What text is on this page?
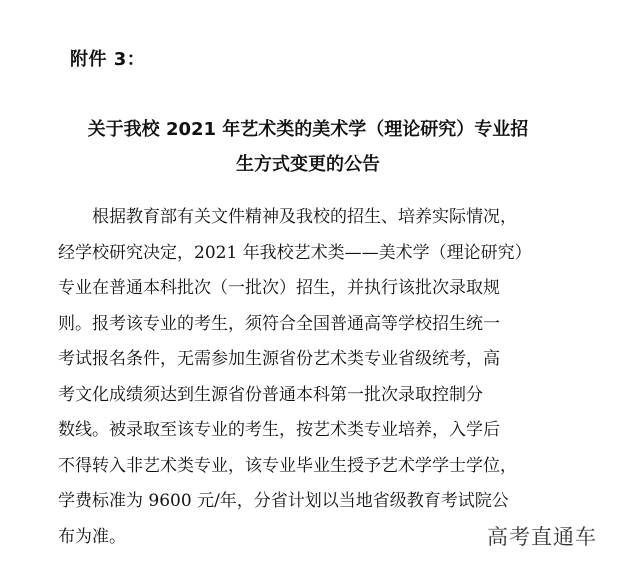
附件 3：
关于我校 2021 年艺术类的美术学（理论研究）专业招
生方式变更的公告
　　根据教育部有关文件精神及我校的招生、培养实际情况，
经学校研究决定，2021 年我校艺术类——美术学（理论研究）
专业在普通本科批次（一批次）招生，并执行该批次录取规
则。报考该专业的考生，须符合全国普通高等学校招生统一
考试报名条件，无需参加生源省份艺术类专业省级统考，高
考文化成绩须达到生源省份普通本科第一批次录取控制分
数线。被录取至该专业的考生，按艺术类专业培养，入学后
不得转入非艺术类专业，该专业毕业生授予艺术学学士学位，
学费标准为 9600 元/年，分省计划以当地省级教育考试院公
布为准。	高考直通车
